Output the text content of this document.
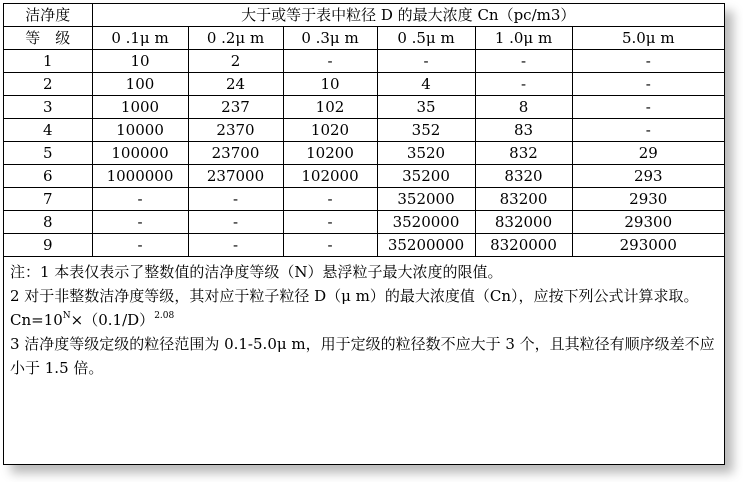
洁净度	大于或等于表中粒径 D 的最大浓度 Cn（pc/m3）					
等　级	0 .1μ m	0 .2μ m	0 .3μ m	0 .5μ m	1 .0μ m	5.0μ m
1	10	2	-	-	-	-
2	100	24	10	4	-	-
3	1000	237	102	35	8	-
4	10000	2370	1020	352	83	-
5	100000	23700	10200	3520	832	29
6	1000000	237000	102000	35200	8320	293
7	-	-	-	352000	83200	2930
8	-	-	-	3520000	832000	29300
9	-	-	-	35200000	8320000	293000

注：1 本表仅表示了整数值的洁净度等级（N）悬浮粒子最大浓度的限值。

2 对于非整数洁净度等级，其对应于粒子粒径 D（μ m）的最大浓度值（Cn），应按下列公式计算求取。

$Cn=10^N\times(0.1/D)^{2.08}$

3 洁净度等级定级的粒径范围为 0.1-5.0μ m，用于定级的粒径数不应大于 3 个，且其粒径有顺序级差不应小于 1.5 倍。
